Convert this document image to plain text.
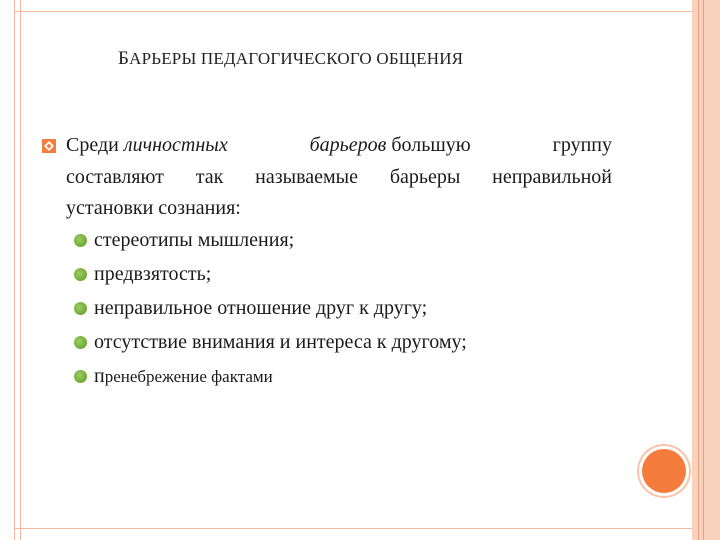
БАРЬЕРЫ ПЕДАГОГИЧЕСКОГО ОБЩЕНИЯ
Среди личностных	барьеров большую	группу
составляют так называемые барьеры неправильной
установки сознания:
стереотипы мышления;
предвзятость;
неправильное отношение друг к другу;
отсутствие внимания и интереса к другому;
пренебрежение фактами
